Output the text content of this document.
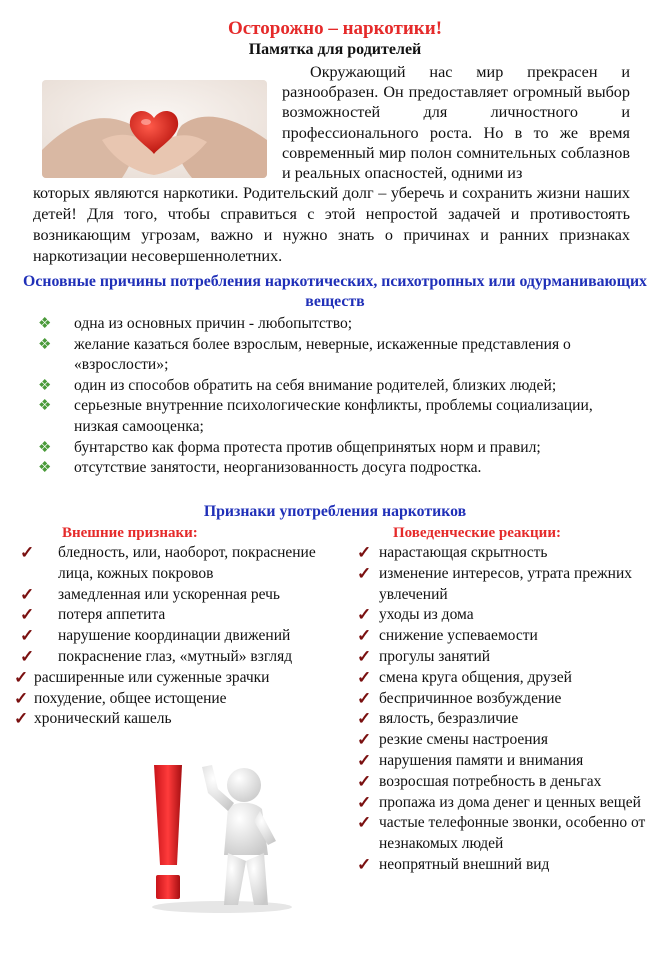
Осторожно – наркотики!
Памятка для родителей
Окружающий нас мир прекрасен и разнообразен. Он предоставляет огромный выбор возможностей для личностного и профессионального роста. Но в то же время современный мир полон сомнительных соблазнов и реальных опасностей, одними из
которых являются наркотики. Родительский долг – уберечь и сохранить жизни наших детей! Для того, чтобы справиться с этой непростой задачей и противостоять возникающим угрозам, важно и нужно знать о причинах и ранних признаках наркотизации несовершеннолетних.
Основные причины потребления наркотических, психотропных или одурманивающих веществ
❖ одна из основных причин - любопытство;
❖ желание казаться более взрослым, неверные, искаженные представления о «взрослости»;
❖ один из способов обратить на себя внимание родителей, близких людей;
❖ серьезные внутренние психологические конфликты, проблемы социализации, низкая самооценка;
❖ бунтарство как форма протеста против общепринятых норм и правил;
❖ отсутствие занятости, неорганизованность досуга подростка.
Признаки употребления наркотиков
Внешние признаки:	Поведенческие реакции:
✓ бледность, или, наоборот, покраснение лица, кожных покровов
✓ замедленная или ускоренная речь
✓ потеря аппетита
✓ нарушение координации движений
✓ покраснение глаз, «мутный» взгляд
✓ расширенные или суженные зрачки
✓ похудение, общее истощение
✓ хронический кашель
✓ нарастающая скрытность
✓ изменение интересов, утрата прежних увлечений
✓ уходы из дома
✓ снижение успеваемости
✓ прогулы занятий
✓ смена круга общения, друзей
✓ беспричинное возбуждение
✓ вялость, безразличие
✓ резкие смены настроения
✓ нарушения памяти и внимания
✓ возросшая потребность в деньгах
✓ пропажа из дома денег и ценных вещей
✓ частые телефонные звонки, особенно от незнакомых людей
✓ неопрятный внешний вид
